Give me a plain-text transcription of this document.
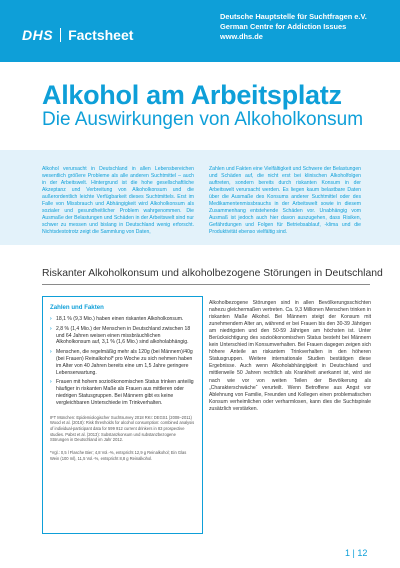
DHS Factsheet
Deutsche Hauptstelle für Suchtfragen e.V.
German Centre for Addiction Issues
www.dhs.de
Alkohol am Arbeitsplatz
Die Auswirkungen von Alkoholkonsum
Alkohol verursacht in Deutschland in allen Lebensbereichen wesentlich größere Probleme als alle anderen Suchtmittel – auch in der Arbeitswelt. Hintergrund ist die hohe gesellschaftliche Akzeptanz und Verbreitung von Alkoholkonsum und die außerordentlich leichte Verfügbarkeit dieses Suchtmittels. Erst im Falle von Missbrauch und Abhängigkeit wird Alkoholkonsum als sozialer und gesundheitlicher Problem wahrgenommen. Die Ausmaße der Belastungen und Schäden in der Arbeitswelt sind nur schwer zu messen und bislang in Deutschland wenig erforscht. Nichtsdestotrotz zeigt die Sammlung von Daten,
Zahlen und Fakten eine Vielfältigkeit und Schwere der Belastungen und Schäden auf, die nicht erst bei klinischen Alkoholfolgen auftreten, sondern bereits durch riskanten Konsum in der Arbeitswelt verursacht werden. Es liegen kaum belastbare Daten über die Ausmaße des Konsums anderer Suchtmittel oder des Medikamentenmissbrauchs in der Arbeitswelt sowie in diesem Zusammenhang entstehende Schäden vor. Unabhängig vom Ausmaß ist jedoch auch hier davon auszugehen, dass Risiken, Gefährdungen und Folgen für Betriebsablauf, -klima und die Produktivität ebenso vielfältig sind.
Riskanter Alkoholkonsum und alkoholbezogene Störungen in Deutschland
Zahlen und Fakten
› 18,1 % (9,3 Mio.) haben einen riskanten Alkoholkonsum.
› 2,8 % (1,4 Mio.) der Menschen in Deutschland zwischen 18 und 64 Jahren weisen einen missbräuchlichen Alkoholkonsum auf, 3,1 % (1,6 Mio.) sind alkoholabhängig.
› Menschen, die regelmäßig mehr als 120g (bei Männern)/40g (bei Frauen) Reinalkohol* pro Woche zu sich nehmen haben im Alter von 40 Jahren bereits eine um 1,5 Jahre geringere Lebenserwartung.
› Frauen mit hohem sozioökonomischen Status trinken anteilig häufiger in riskanten Maße als Frauen aus mittleren oder niedrigen Statusgruppen. Bei Männern gibt es keine vergleichbaren Unterschiede im Trinkverhalten.
IFT München: Epidemiologischer Suchtsurvey 2018 RKI: DEGS1 (2008–2011) Wood et al. (2018): Risk thresholds for alcohol consumption: combined analysis of individual-participant data for 599 912 current drinkers in 83 prospective studies. Pabst et al. (2013): Substanzkonsum und substanzbezogene Störungen in Deutschland im Jahr 2012.
*Vgl.: 0,5 l Flasche Bier; 4,8 Vol.-%, entspricht 12,9 g Reinalkohol; Ein Glas Wein (100 ml), 11,5 Vol.-%, entspricht 8,8 g Reinalkohol.
Alkoholbezogene Störungen sind in allen Bevölkerungsschichten nahezu gleichermaßen vertreten. Ca. 9,3 Millionen Menschen trinken in riskanten Maße Alkohol. Bei Männern steigt der Konsum mit zunehmendem Alter an, während er bei Frauen bis den 30-39 Jährigen am niedrigsten und den 50-59 Jährigen am höchsten ist. Unter Berücksichtigung des sozioökonomischen Status besteht bei Männern kein Unterschied im Konsumverhalten. Bei Frauen dagegen zeigen sich höhere Anteile an riskantem Trinkverhalten in den höheren Statusgruppen. Weitere internationale Studien bestätigen diese Ergebnisse. Auch wenn Alkoholabhängigkeit in Deutschland und mittlerweile 50 Jahren rechtlich als Krankheit anerkannt ist, wird sie nach wie vor von weiten Teilen der Bevölkerung als „Charakterschwäche“ verurteilt. Wenn Betroffene aus Angst vor Ablehnung von Familie, Freunden und Kollegen einen problematischen Konsum verheimlichen oder verharmlosen, kann dies die Suchtspirale zusätzlich verstärken.
1 | 12
